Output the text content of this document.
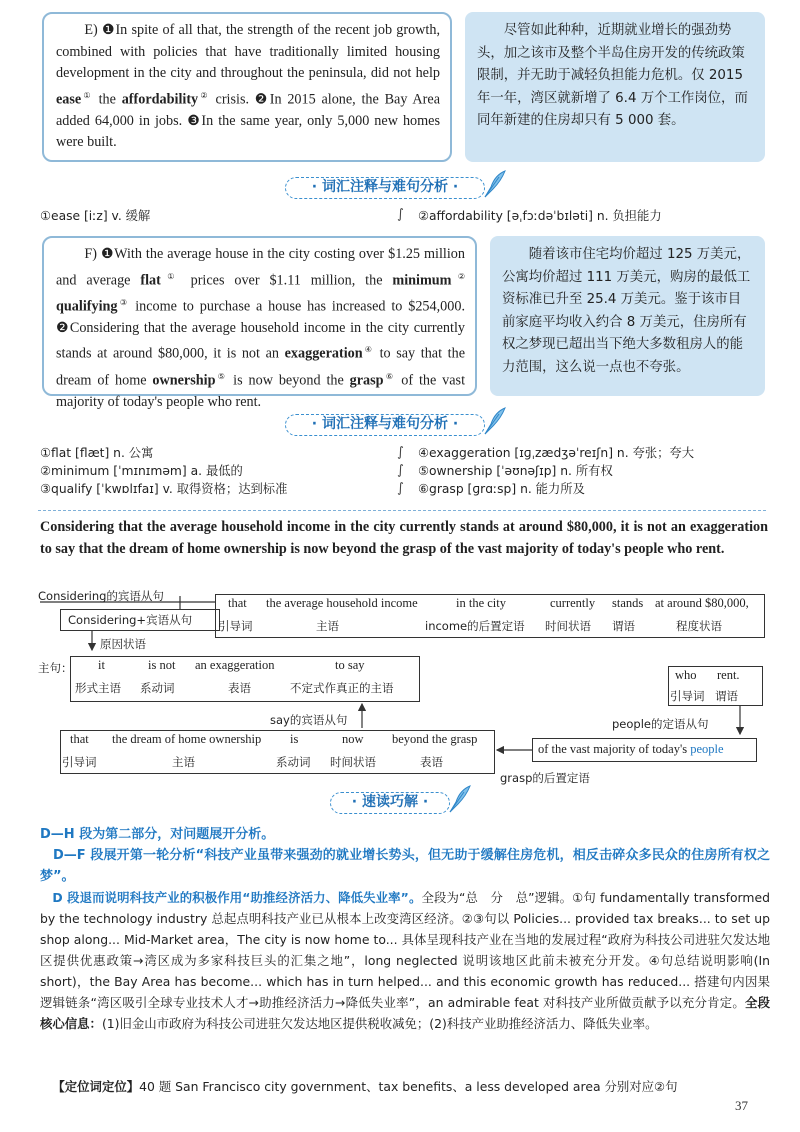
E) ❶In spite of all that, the strength of the recent job growth, combined with policies that have traditionally limited housing development in the city and throughout the peninsula, did not help ease① the affordability② crisis. ❷In 2015 alone, the Bay Area added 64,000 in jobs. ❸In the same year, only 5,000 new homes were built.

尽管如此种种，近期就业增长的强劲势头，加之该市及整个半岛住房开发的传统政策限制，并无助于减轻负担能力危机。仅 2015 年一年，湾区就新增了 6.4 万个工作岗位，而同年新建的住房却只有 5 000 套。

· 词汇注释与难句分析 ·
①ease [iːz] v. 缓解	∫ ②affordability [əˌfɔːdəˈbɪləti] n. 负担能力

F) ❶With the average house in the city costing over $1.25 million and average flat① prices over $1.11 million, the minimum② qualifying③ income to purchase a house has increased to $254,000. ❷Considering that the average household income in the city currently stands at around $80,000, it is not an exaggeration④ to say that the dream of home ownership⑤ is now beyond the grasp⑥ of the vast majority of today's people who rent.

随着该市住宅均价超过 125 万美元，公寓均价超过 111 万美元，购房的最低工资标准已升至 25.4 万美元。鉴于该市目前家庭平均收入约合 8 万美元，住房所有权之梦现已超出当下绝大多数租房人的能力范围，这么说一点也不夸张。

· 词汇注释与难句分析 ·
①flat [flæt] n. 公寓
②minimum [ˈmɪnɪməm] a. 最低的
③qualify [ˈkwɒlɪfaɪ] v. 取得资格；达到标准
∫
∫
∫
④exaggeration [ɪɡˌzædʒəˈreɪʃn] n. 夸张；夸大
⑤ownership [ˈəʊnəʃɪp] n. 所有权
⑥grasp [ɡrɑːsp] n. 能力所及
Considering that the average household income in the city currently stands at around $80,000, it is not an exaggeration to say that the dream of home ownership is now beyond the grasp of the vast majority of today's people who rent.
Considering的宾语从句
Considering+宾语从句
原因状语
that
引导词
the average household income
主语
in the city
income的后置定语
currently
时间状语
stands
谓语
at around $80,000,
程度状语
主句： it
形式主语
is not
系动词
an exaggeration
表语
to say
不定式作真正的主语
say的宾语从句
that
引导词
the dream of home ownership
主语
is
系动词
now
时间状语
beyond the grasp
表语
of the vast majority of today's people
grasp的后置定语
who
引导词
rent.
谓语
people的定语从句
· 速读巧解 ·
D—H 段为第二部分，对问题展开分析。
D—F 段展开第一轮分析“科技产业虽带来强劲的就业增长势头，但无助于缓解住房危机，相反击碎众多民众的住房所有权之梦”。
D 段退而说明科技产业的积极作用“助推经济活力、降低失业率”。全段为“总　分　总”逻辑。①句 fundamentally transformed by the technology industry 总起点明科技产业已从根本上改变湾区经济。②③句以 Policies... provided tax breaks... to set up shop along... Mid-Market area，The city is now home to... 具体呈现科技产业在当地的发展过程“政府为科技公司进驻欠发达地区提供优惠政策→湾区成为多家科技巨头的汇集之地”，long neglected 说明该地区此前未被充分开发。④句总结说明影响(In short)，the Bay Area has become... which has in turn helped... and this economic growth has reduced... 搭建句内因果逻辑链条“湾区吸引全球专业技术人才→助推经济活力→降低失业率”，an admirable feat 对科技产业所做贡献予以充分肯定。全段核心信息：(1)旧金山市政府为科技公司进驻欠发达地区提供税收减免；(2)科技产业助推经济活力、降低失业率。
【定位词定位】40 题 San Francisco city government、tax benefits、a less developed area 分别对应②句
37
